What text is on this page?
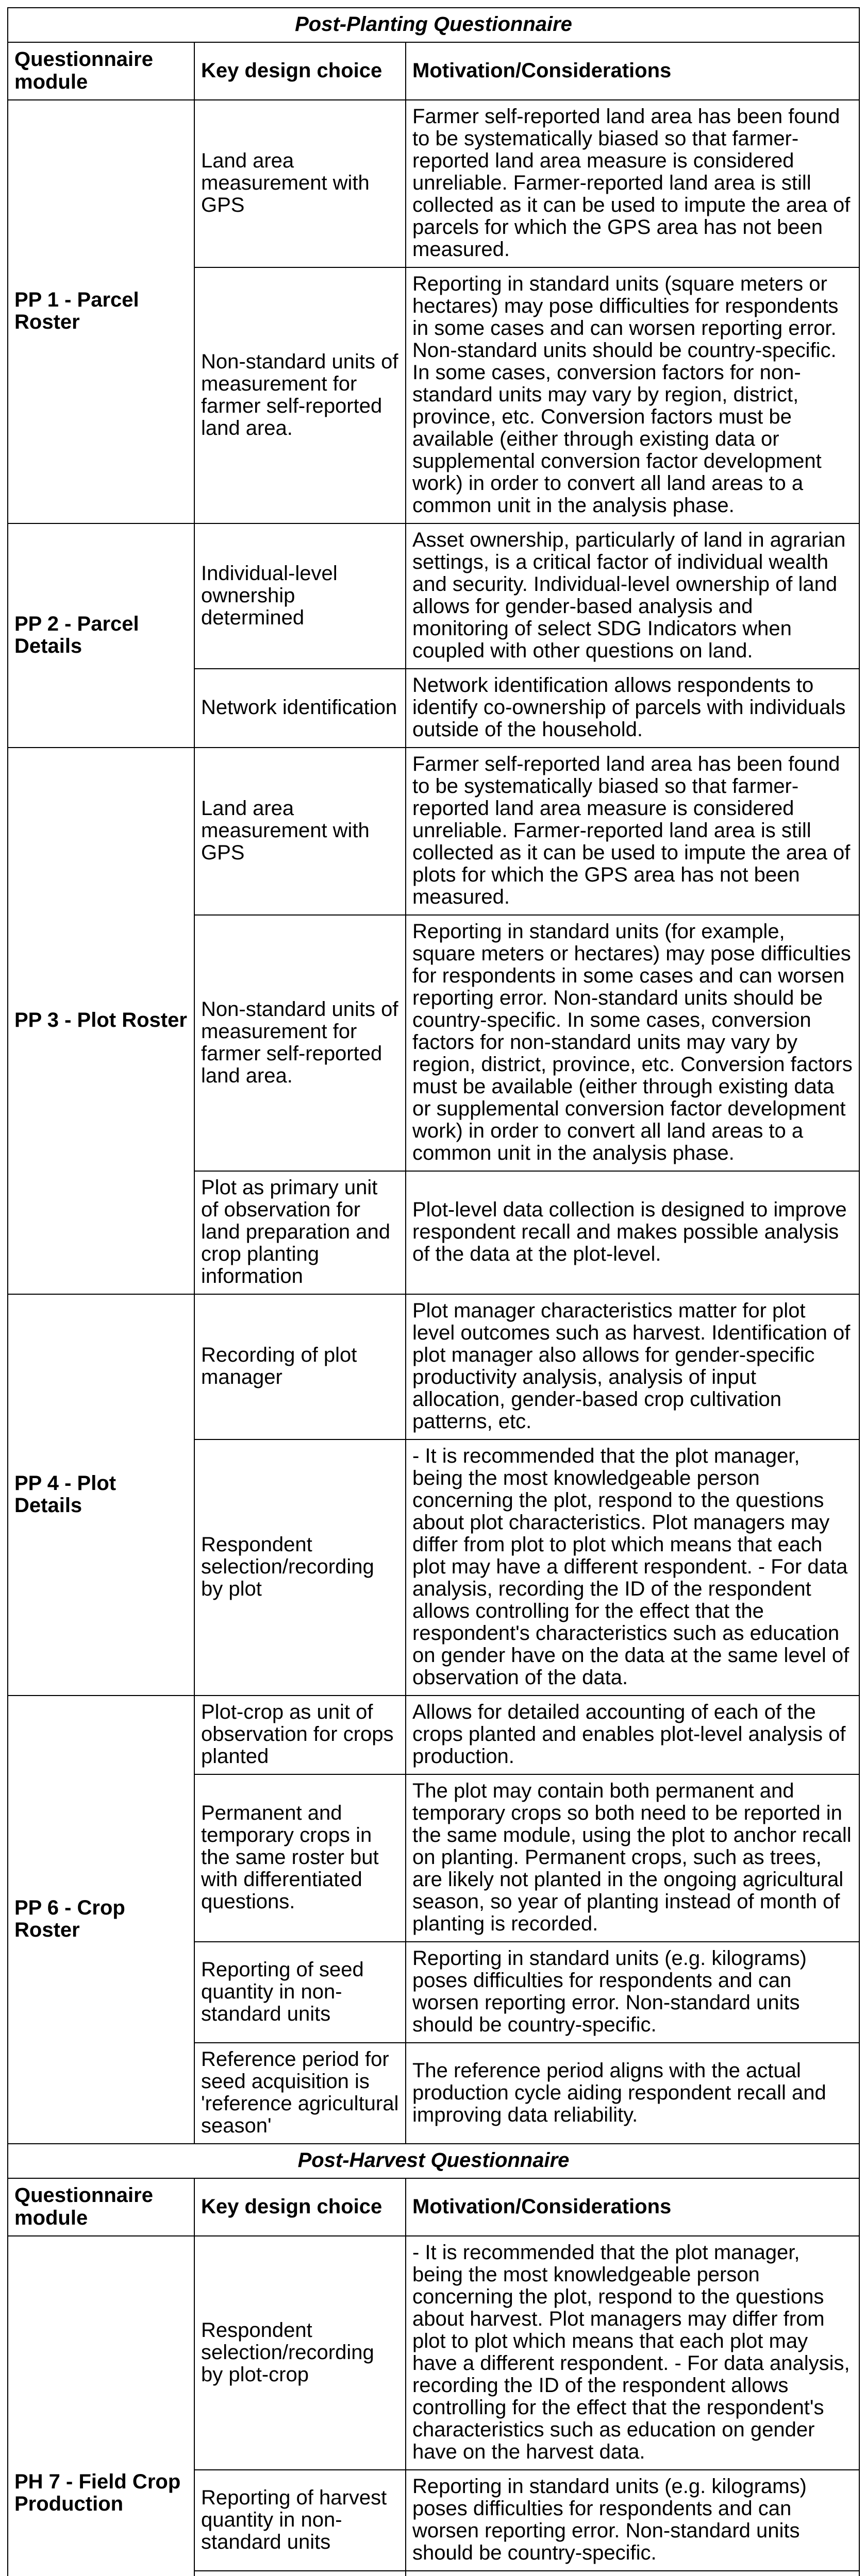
Post-Planting Questionnaire		
Questionnaire module	Key design choice	Motivation/Considerations
PP 1 - Parcel Roster	Land area measurement with GPS	Farmer self-reported land area has been found to be systematically biased so that farmer-reported land area measure is considered unreliable. Farmer-reported land area is still collected as it can be used to impute the area of parcels for which the GPS area has not been measured.
	Non-standard units of measurement for farmer self-reported land area.	Reporting in standard units (square meters or hectares) may pose difficulties for respondents in some cases and can worsen reporting error. Non-standard units should be country-specific. In some cases, conversion factors for non-standard units may vary by region, district, province, etc. Conversion factors must be available (either through existing data or supplemental conversion factor development work) in order to convert all land areas to a common unit in the analysis phase.
PP 2 - Parcel Details	Individual-level ownership determined	Asset ownership, particularly of land in agrarian settings, is a critical factor of individual wealth and security. Individual-level ownership of land allows for gender-based analysis and monitoring of select SDG Indicators when coupled with other questions on land.
	Network identification	Network identification allows respondents to identify co-ownership of parcels with individuals outside of the household.
PP 3 - Plot Roster	Land area measurement with GPS	Farmer self-reported land area has been found to be systematically biased so that farmer-reported land area measure is considered unreliable. Farmer-reported land area is still collected as it can be used to impute the area of plots for which the GPS area has not been measured.
	Non-standard units of measurement for farmer self-reported land area.	Reporting in standard units (for example, square meters or hectares) may pose difficulties for respondents in some cases and can worsen reporting error. Non-standard units should be country-specific. In some cases, conversion factors for non-standard units may vary by region, district, province, etc. Conversion factors must be available (either through existing data or supplemental conversion factor development work) in order to convert all land areas to a common unit in the analysis phase.
	Plot as primary unit of observation for land preparation and crop planting information	Plot-level data collection is designed to improve respondent recall and makes possible analysis of the data at the plot-level.
PP 4 - Plot Details	Recording of plot manager	Plot manager characteristics matter for plot level outcomes such as harvest. Identification of plot manager also allows for gender-specific productivity analysis, analysis of input allocation, gender-based crop cultivation patterns, etc.
	Respondent selection/recording by plot	- It is recommended that the plot manager, being the most knowledgeable person concerning the plot, respond to the questions about plot characteristics. Plot managers may differ from plot to plot which means that each plot may have a different respondent. - For data analysis, recording the ID of the respondent allows controlling for the effect that the respondent's characteristics such as education on gender have on the data at the same level of observation of the data.
PP 6 - Crop Roster	Plot-crop as unit of observation for crops planted	Allows for detailed accounting of each of the crops planted and enables plot-level analysis of production.
	Permanent and temporary crops in the same roster but with differentiated questions.	The plot may contain both permanent and temporary crops so both need to be reported in the same module, using the plot to anchor recall on planting. Permanent crops, such as trees, are likely not planted in the ongoing agricultural season, so year of planting instead of month of planting is recorded.
	Reporting of seed quantity in non-standard units	Reporting in standard units (e.g. kilograms) poses difficulties for respondents and can worsen reporting error. Non-standard units should be country-specific.
	Reference period for seed acquisition is 'reference agricultural season'	The reference period aligns with the actual production cycle aiding respondent recall and improving data reliability.
Post-Harvest Questionnaire		
Questionnaire module	Key design choice	Motivation/Considerations
PH 7 - Field Crop Production	Respondent selection/recording by plot-crop	- It is recommended that the plot manager, being the most knowledgeable person concerning the plot, respond to the questions about harvest. Plot managers may differ from plot to plot which means that each plot may have a different respondent. - For data analysis, recording the ID of the respondent allows controlling for the effect that the respondent's characteristics such as education on gender have on the harvest data.
	Reporting of harvest quantity in non-standard units	Reporting in standard units (e.g. kilograms) poses difficulties for respondents and can worsen reporting error. Non-standard units should be country-specific.
